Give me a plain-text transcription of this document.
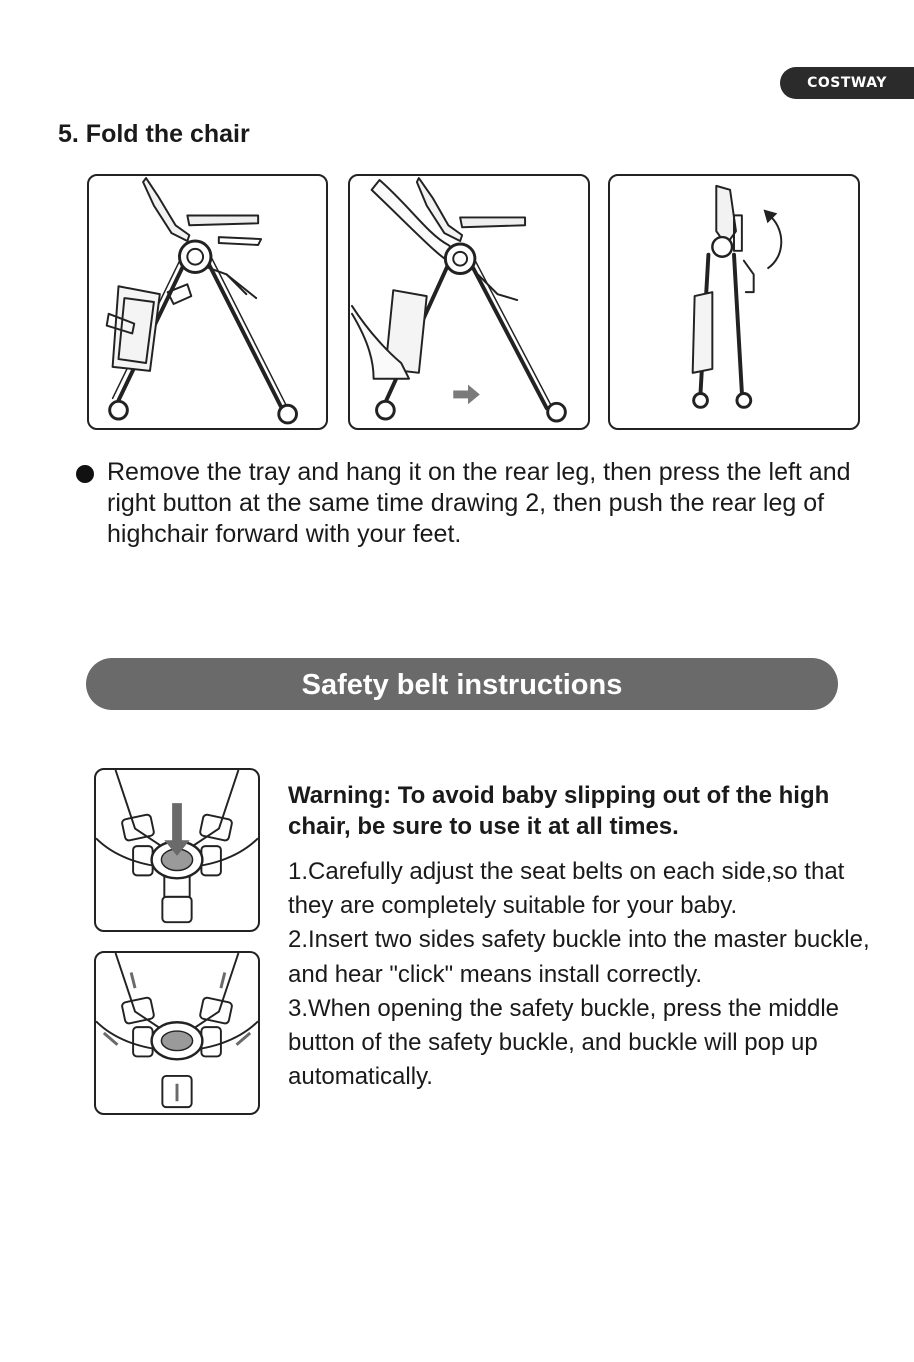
COSTWAY
5. Fold the chair

Remove the tray and hang it on the rear leg, then press the left and right button at the same time drawing 2, then push the rear leg of highchair forward with your feet.

Safety belt instructions

Warning: To avoid baby slipping out of the high chair, be sure to use it at all times.

1.Carefully adjust the seat belts on each side,so that they are completely suitable for your baby.
2.Insert two sides safety buckle into the master buckle, and hear "click" means install correctly.
3.When opening the safety buckle, press the middle button of the safety buckle, and buckle will pop up automatically.
